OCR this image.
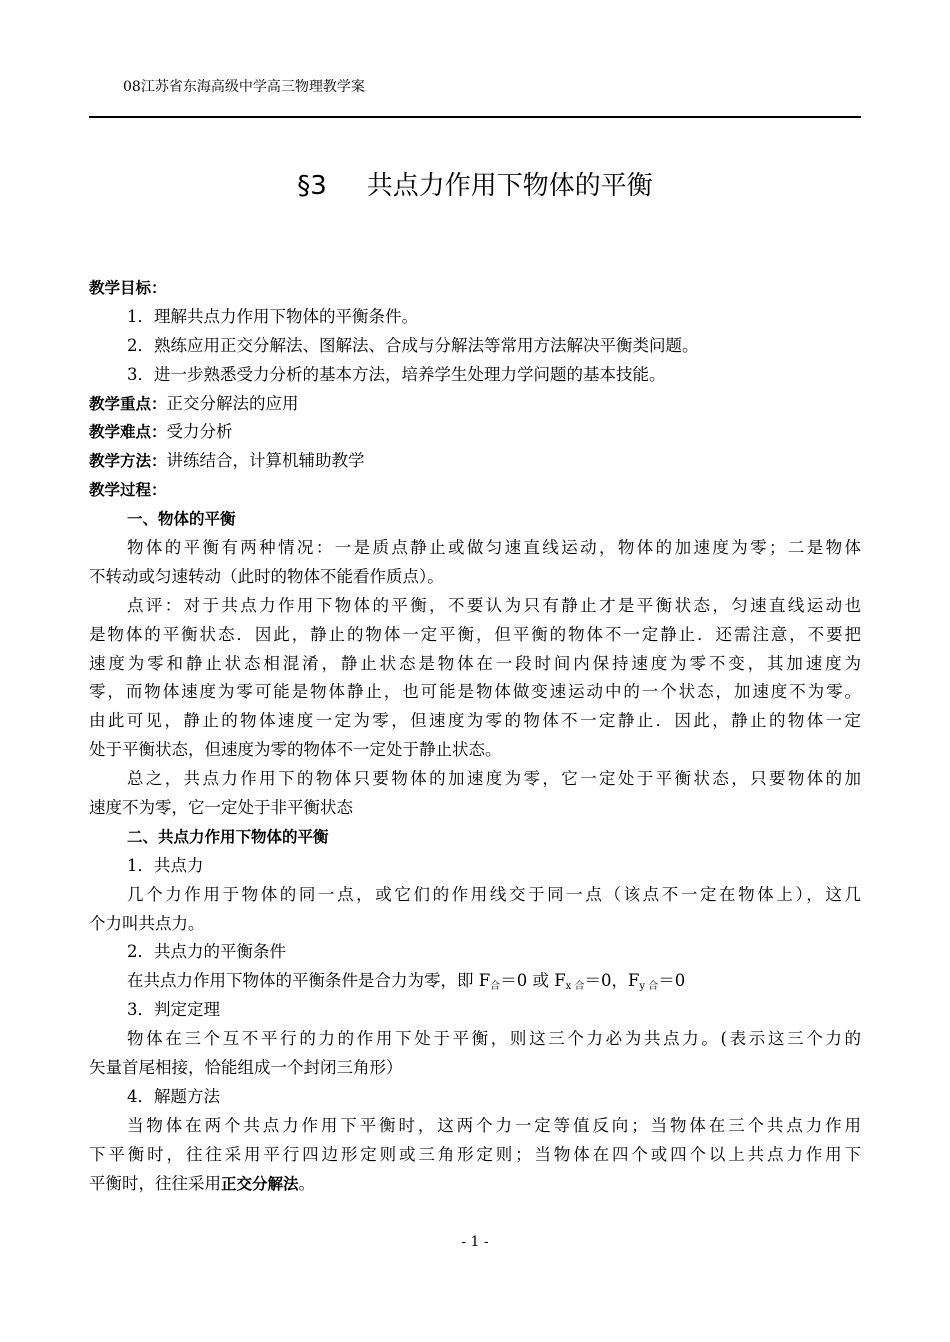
08江苏省东海高级中学高三物理教学案
§3 共点力作用下物体的平衡
教学目标：
1．理解共点力作用下物体的平衡条件。
2．熟练应用正交分解法、图解法、合成与分解法等常用方法解决平衡类问题。
3．进一步熟悉受力分析的基本方法，培养学生处理力学问题的基本技能。
教学重点：正交分解法的应用
教学难点：受力分析
教学方法：讲练结合，计算机辅助教学
教学过程：
一、物体的平衡
物体的平衡有两种情况：一是质点静止或做匀速直线运动，物体的加速度为零；二是物体
不转动或匀速转动（此时的物体不能看作质点）。
点评：对于共点力作用下物体的平衡，不要认为只有静止才是平衡状态，匀速直线运动也
是物体的平衡状态．因此，静止的物体一定平衡，但平衡的物体不一定静止．还需注意，不要把
速度为零和静止状态相混淆，静止状态是物体在一段时间内保持速度为零不变，其加速度为
零，而物体速度为零可能是物体静止，也可能是物体做变速运动中的一个状态，加速度不为零。
由此可见，静止的物体速度一定为零，但速度为零的物体不一定静止．因此，静止的物体一定
处于平衡状态，但速度为零的物体不一定处于静止状态。
总之，共点力作用下的物体只要物体的加速度为零，它一定处于平衡状态，只要物体的加
速度不为零，它一定处于非平衡状态
二、共点力作用下物体的平衡
1．共点力
几个力作用于物体的同一点，或它们的作用线交于同一点（该点不一定在物体上），这几
个力叫共点力。
2．共点力的平衡条件
在共点力作用下物体的平衡条件是合力为零，即 $F_合=0$ 或 $F_{x 合}=0$，$F_{y 合}=0$
3．判定定理
物体在三个互不平行的力的作用下处于平衡，则这三个力必为共点力。(表示这三个力的
矢量首尾相接，恰能组成一个封闭三角形）
4．解题方法
当物体在两个共点力作用下平衡时，这两个力一定等值反向；当物体在三个共点力作用
下平衡时，往往采用平行四边形定则或三角形定则；当物体在四个或四个以上共点力作用下
平衡时，往往采用正交分解法。
- 1 -
